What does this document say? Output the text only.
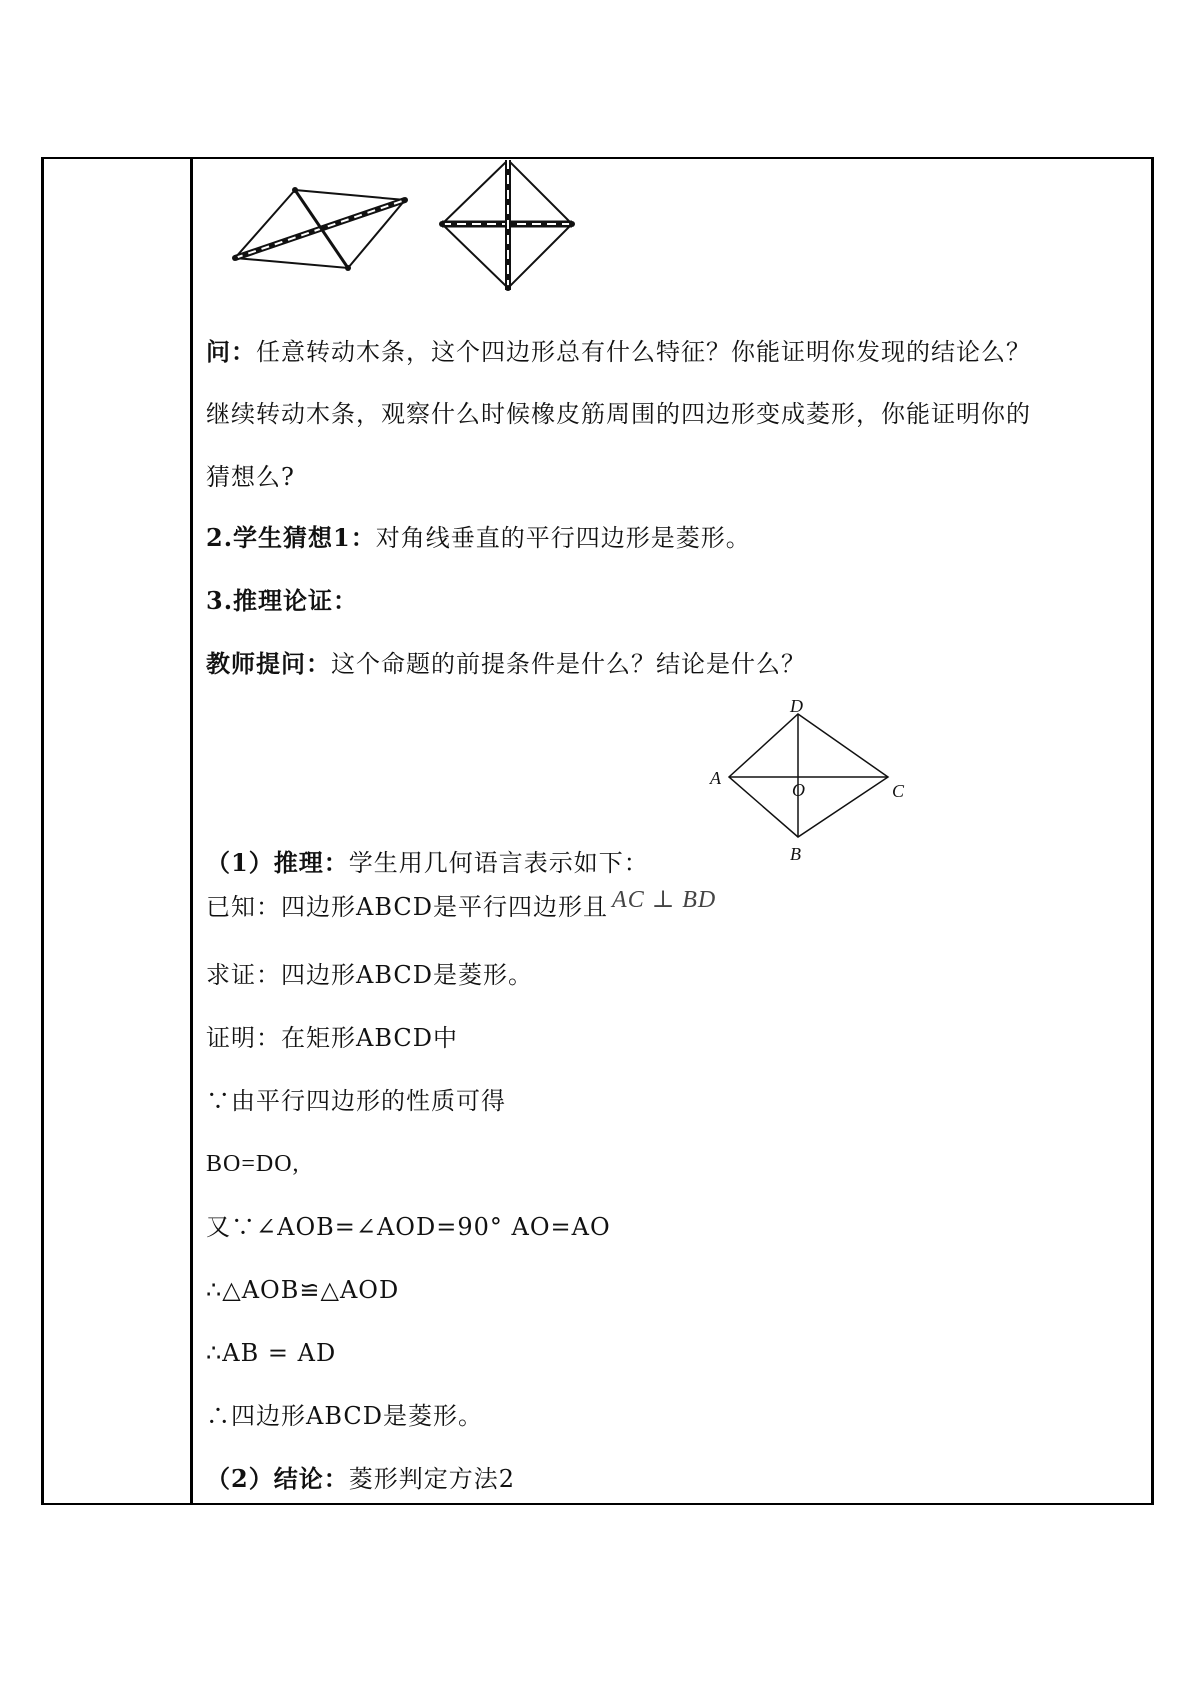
问：任意转动木条，这个四边形总有什么特征？你能证明你发现的结论么？
继续转动木条，观察什么时候橡皮筋周围的四边形变成菱形，你能证明你的
猜想么?
2.学生猜想1：对角线垂直的平行四边形是菱形。
3.推理论证：
教师提问：这个命题的前提条件是什么？结论是什么？
D
A
C
B
O
（1）推理：学生用几何语言表示如下：
已知：四边形ABCD是平行四边形且 AC ⊥ BD
求证：四边形ABCD是菱形。
证明：在矩形ABCD中
∵由平行四边形的性质可得
BO=DO,
又∵∠AOB=∠AOD=90° AO=AO
∴△AOB≌△AOD
∴AB = AD
∴四边形ABCD是菱形。
（2）结论：菱形判定方法2
